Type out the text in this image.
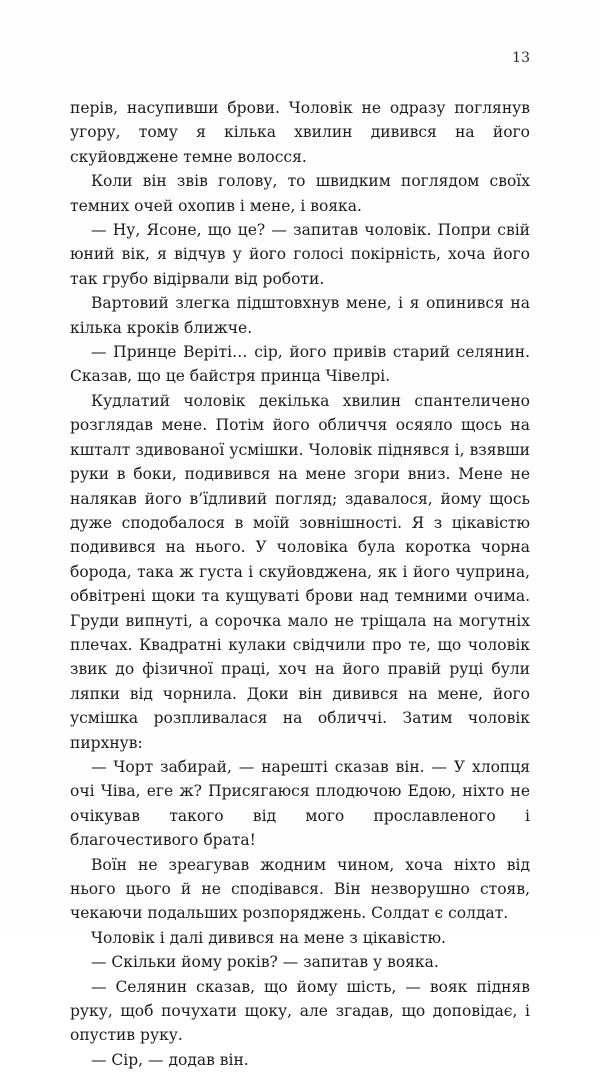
13

перів, насупивши брови. Чоловік не одразу поглянув угору, тому я кілька хвилин дивився на його скуйовджене темне волосся.

Коли він звів голову, то швидким поглядом своїх темних очей охопив і мене, і вояка.

— Ну, Ясоне, що це? — запитав чоловік. Попри свій юний вік, я відчув у його голосі покірність, хоча його так грубо відірвали від роботи.

Вартовий злегка підштовхнув мене, і я опинився на кілька кроків ближче.

— Принце Веріті… сір, його привів старий селянин. Сказав, що це байстря принца Чівелрі.

Кудлатий чоловік декілька хвилин спантеличено розглядав мене. Потім його обличчя осяяло щось на кшталт здивованої усмішки. Чоловік піднявся і, взявши руки в боки, подивився на мене згори вниз. Мене не налякав його в’їдливий погляд; здавалося, йому щось дуже сподобалося в моїй зовнішності. Я з цікавістю подивився на нього. У чоловіка була коротка чорна борода, така ж густа і скуйовджена, як і його чуприна, обвітрені щоки та кущуваті брови над темними очима. Груди випнуті, а сорочка мало не тріщала на могутніх плечах. Квадратні кулаки свідчили про те, що чоловік звик до фізичної праці, хоч на його правій руці були ляпки від чорнила. Доки він дивився на мене, його усмішка розпливалася на обличчі. Затим чоловік пирхнув:

— Чорт забирай, — нарешті сказав він. — У хлопця очі Чіва, еге ж? Присягаюся плодючою Едою, ніхто не очікував такого від мого прославленого і благочестивого брата!

Воїн не зреагував жодним чином, хоча ніхто від нього цього й не сподівався. Він незворушно стояв, чекаючи подальших розпоряджень. Солдат є солдат.

Чоловік і далі дивився на мене з цікавістю.

— Скільки йому років? — запитав у вояка.

— Селянин сказав, що йому шість, — вояк підняв руку, щоб почухати щоку, але згадав, що доповідає, і опустив руку.

— Сір, — додав він.
